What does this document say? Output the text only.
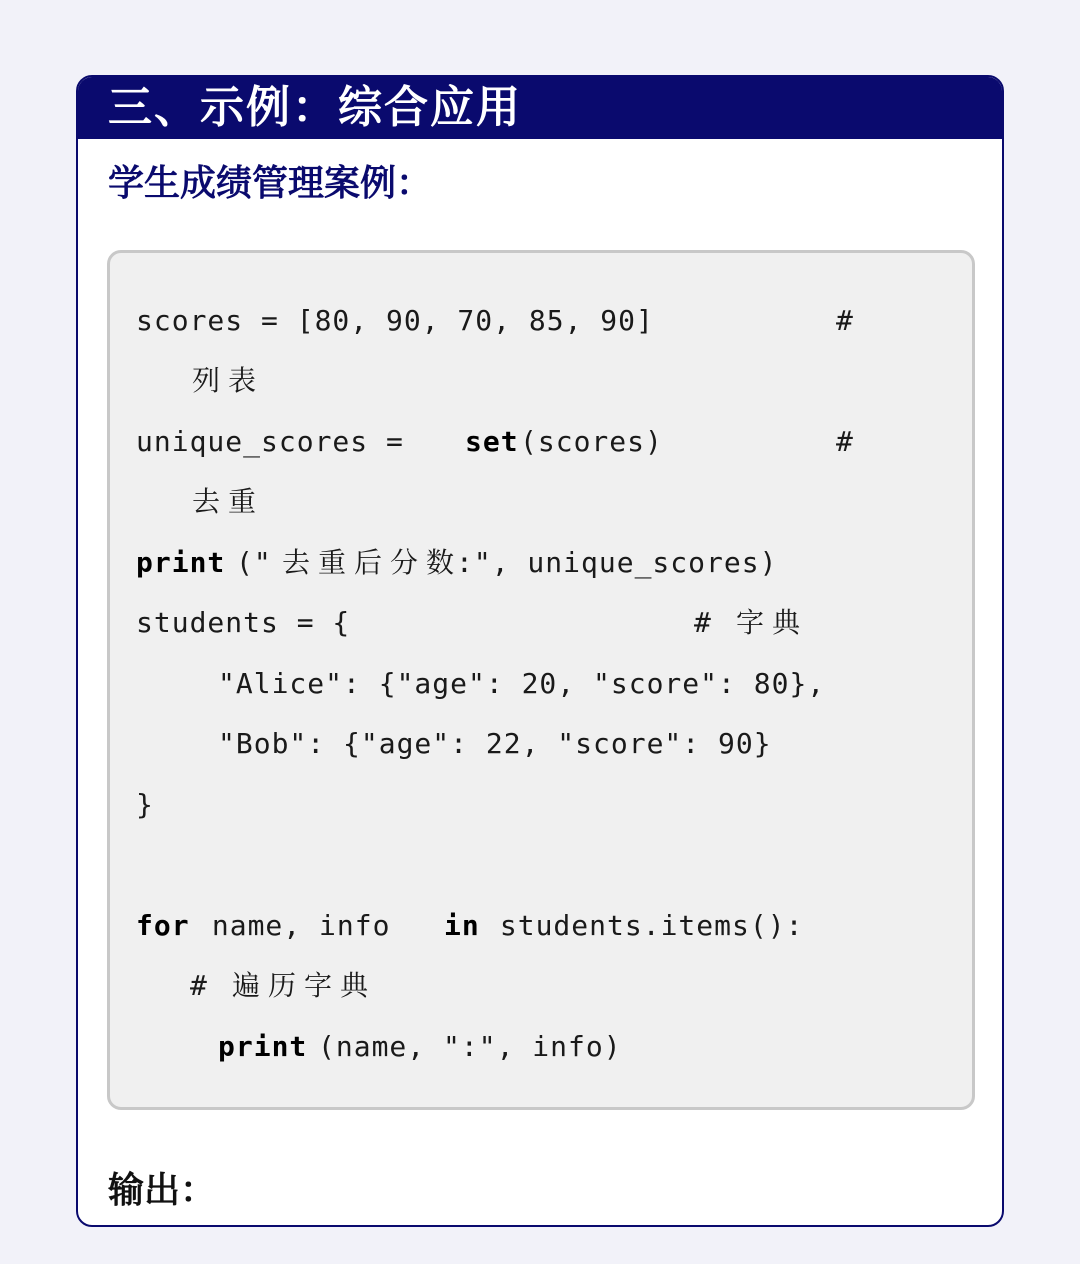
三、示例：综合应用
学生成绩管理案例：

scores = [80, 90, 70, 85, 90]

	#

列表

unique_scores =

set

(scores)

	#

去重

print

("

去重后分数

:", unique_scores)

students = {

	#

字典

"Alice": {"age": 20, "score": 80},

"Bob": {"age": 22, "score": 90}

}

for

name, info

in

students.items():

#

遍历字典

print

(name, ":", info)

输出：
